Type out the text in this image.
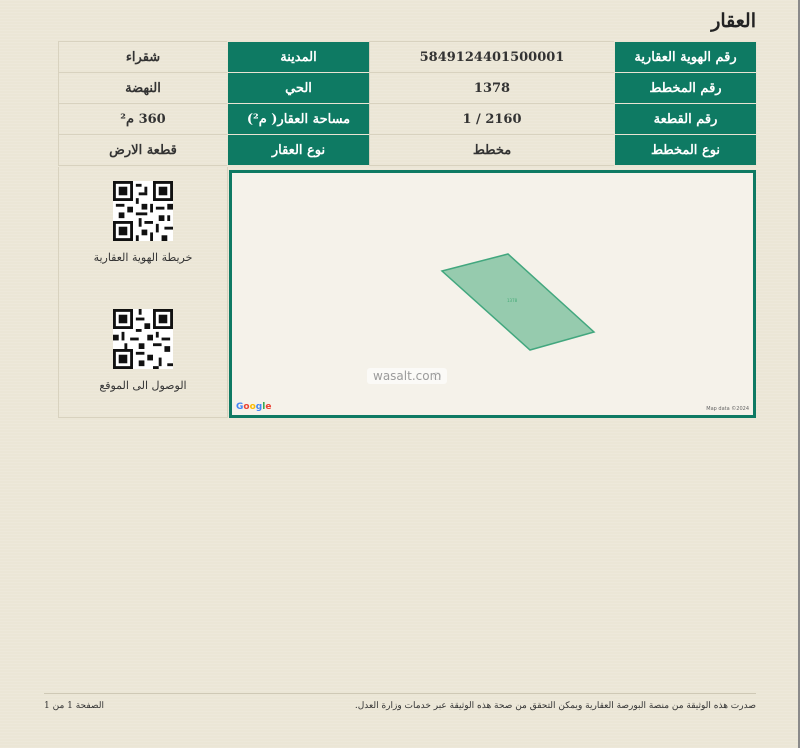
العقار
رقم الهوية العقارية	5849124401500001	المدينة	شقراء
رقم المخطط	1378	الحي	النهضة
رقم القطعة	2160 / 1	مساحة العقار( م²)	360 م²
نوع المخطط	مخطط	نوع العقار	قطعة الارض
خريطة الهوية العقارية
الوصول الى الموقع
1378
wasalt.com
Google	Map data ©2024
صدرت هذه الوثيقة من منصة البورصة العقارية ويمكن التحقق من صحة هذه الوثيقة عبر خدمات وزارة العدل.
الصفحة 1 من 1
